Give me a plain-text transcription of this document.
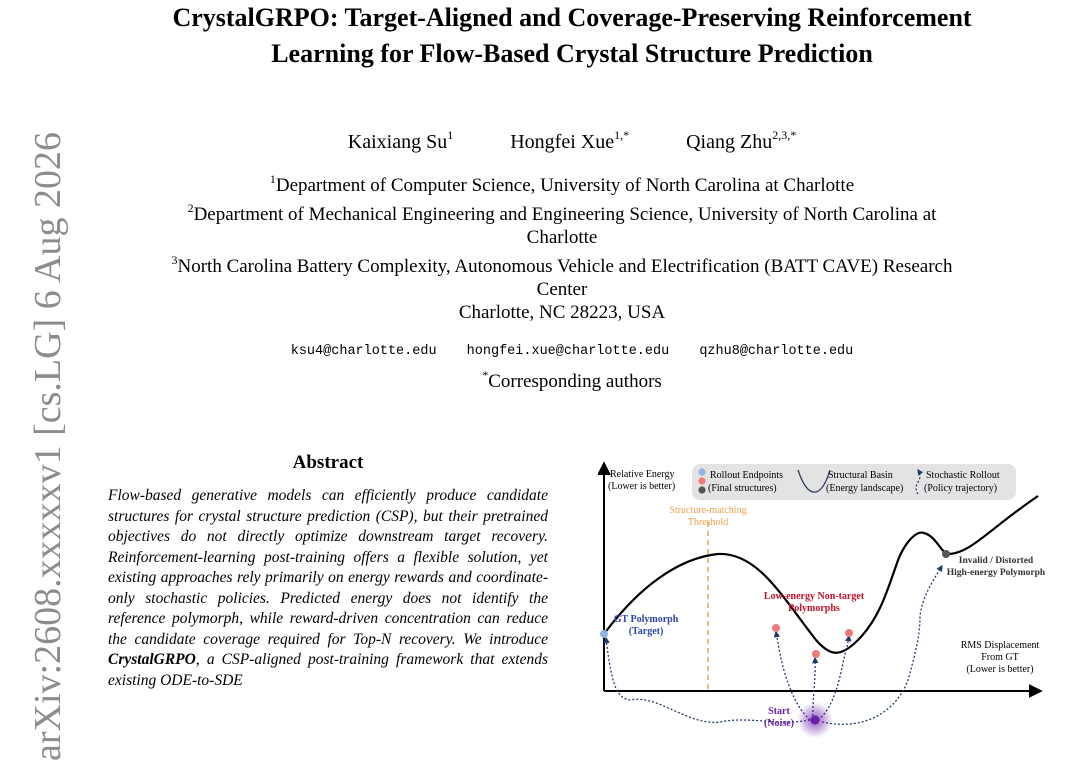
arXiv:2608.xxxxxv1 [cs.LG] 6 Aug 2026
CrystalGRPO: Target-Aligned and Coverage-Preserving Reinforcement
Learning for Flow-Based Crystal Structure Prediction
Kaixiang Su$^1$	Hongfei Xue$^{1,*}$	Qiang Zhu$^{2,3,*}$
$^1$Department of Computer Science, University of North Carolina at Charlotte
$^2$Department of Mechanical Engineering and Engineering Science, University of North Carolina at
Charlotte
$^3$North Carolina Battery Complexity, Autonomous Vehicle and Electrification (BATT CAVE) Research
Center
Charlotte, NC 28223, USA
ksu4@charlotte.edu hongfei.xue@charlotte.edu qzhu8@charlotte.edu
*Corresponding authors
Abstract
Flow-based generative models can efficiently produce candidate structures for crystal structure prediction (CSP), but their pretrained objectives do not directly optimize downstream target recovery. Reinforcement-learning post-training offers a flexible solution, yet existing approaches rely primarily on energy rewards and coordinate-only stochastic policies. Predicted energy does not identify the reference polymorph, while reward-driven concentration can reduce the candidate coverage required for Top-N recovery. We introduce CrystalGRPO, a CSP-aligned post-training framework that extends existing ODE-to-SDE
Relative Energy
(Lower is better)
Rollout Endpoints
(Final structures)
Structural Basin
(Energy landscape)
Stochastic Rollout
(Policy trajectory)
Structure-matching
Threshold
Start
(Noise)
GT Polymorph
(Target)
Low-energy Non-target
Polymorphs
Invalid / Distorted
High-energy Polymorph
RMS Displacement
From GT
(Lower is better)
